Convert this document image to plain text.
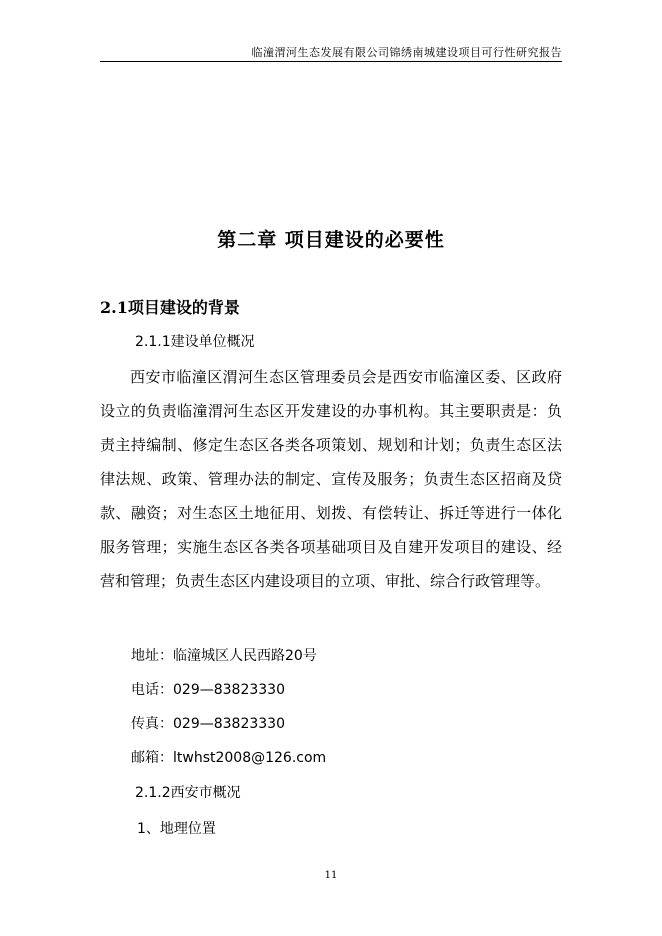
临潼渭河生态发展有限公司锦绣南城建设项目可行性研究报告
第二章 项目建设的必要性
2.1项目建设的背景
2.1.1建设单位概况

西安市临潼区渭河生态区管理委员会是西安市临潼区委、区政府设立的负责临潼渭河生态区开发建设的办事机构。其主要职责是：负责主持编制、修定生态区各类各项策划、规划和计划；负责生态区法律法规、政策、管理办法的制定、宣传及服务；负责生态区招商及贷款、融资；对生态区土地征用、划拨、有偿转让、拆迁等进行一体化服务管理；实施生态区各类各项基础项目及自建开发项目的建设、经营和管理；负责生态区内建设项目的立项、审批、综合行政管理等。

地址：临潼城区人民西路20号
电话：029—83823330
传真：029—83823330
邮箱：ltwhst2008@126.com
2.1.2西安市概况
1、地理位置
11
